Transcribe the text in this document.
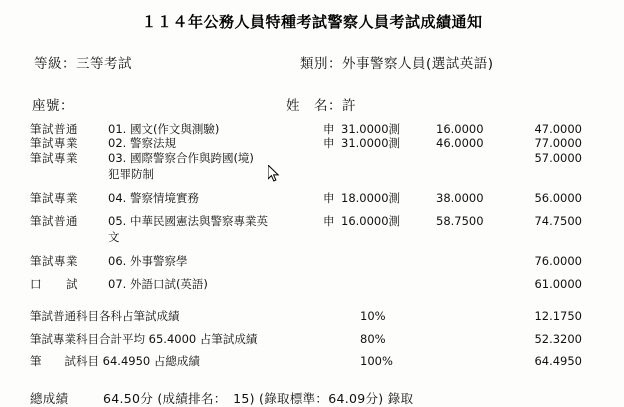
１１４年公務人員特種考試警察人員考試成績通知
等級：三等考試	類別：外事警察人員(選試英語)
座號：	姓　名：許
筆試普通	01. 國文(作文與測驗)	申	31.0000測	16.0000	47.0000
筆試專業	02. 警察法規	申	31.0000測	46.0000	77.0000
筆試專業	03. 國際警察合作與跨國(境)				57.0000
	犯罪防制				
筆試專業	04. 警察情境實務	申	18.0000測	38.0000	56.0000
筆試普通	05. 中華民國憲法與警察專業英	申	16.0000測	58.7500	74.7500
	文				
筆試專業	06. 外事警察學				76.0000
口　　試	07. 外語口試(英語)				61.0000
筆試普通科目各科占筆試成績	10%	12.1750
筆試專業科目合計平均 65.4000 占筆試成績	80%	52.3200
筆　　試科目 64.4950 占總成績	100%	64.4950
總成績	64.50分 (成績排名：　15) (錄取標準：64.09分) 錄取
